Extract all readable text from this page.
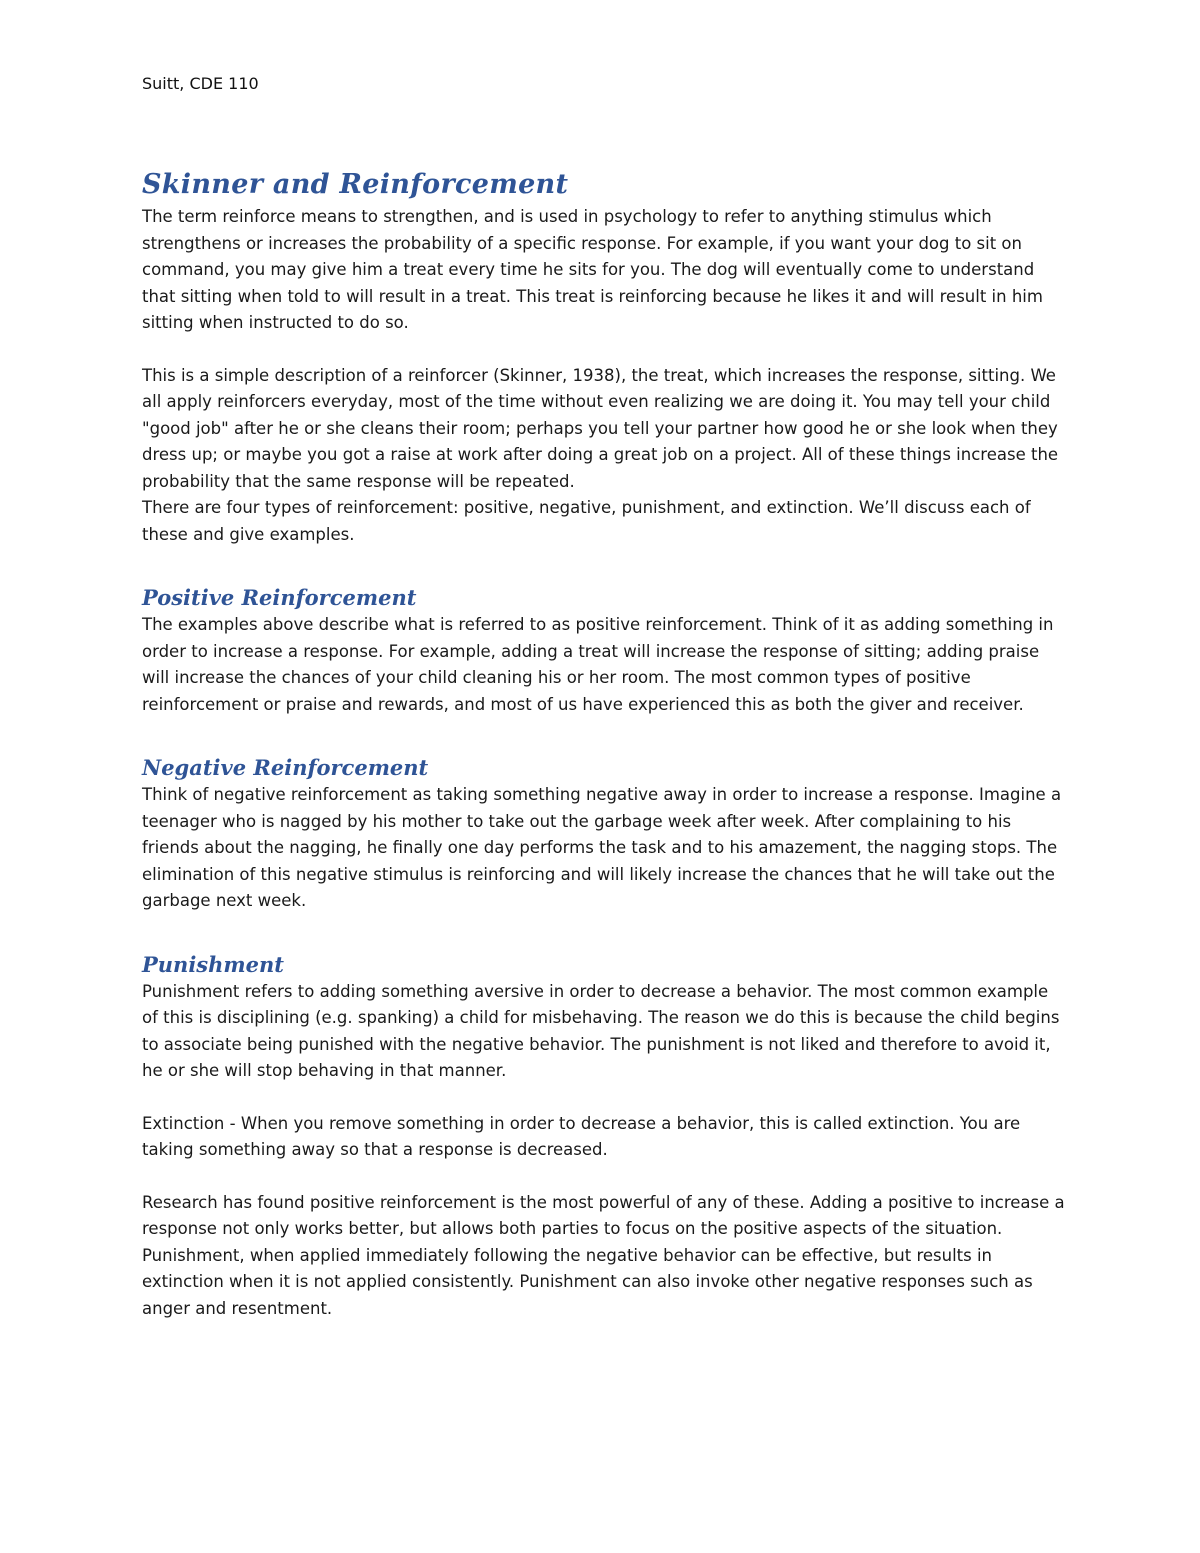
Suitt, CDE 110
Skinner and Reinforcement

The term reinforce means to strengthen, and is used in psychology to refer to anything stimulus which strengthens or increases the probability of a specific response. For example, if you want your dog to sit on command, you may give him a treat every time he sits for you. The dog will eventually come to understand that sitting when told to will result in a treat. This treat is reinforcing because he likes it and will result in him sitting when instructed to do so.

This is a simple description of a reinforcer (Skinner, 1938), the treat, which increases the response, sitting. We all apply reinforcers everyday, most of the time without even realizing we are doing it. You may tell your child "good job" after he or she cleans their room; perhaps you tell your partner how good he or she look when they dress up; or maybe you got a raise at work after doing a great job on a project. All of these things increase the probability that the same response will be repeated.

There are four types of reinforcement: positive, negative, punishment, and extinction. We’ll discuss each of these and give examples.

Positive Reinforcement

The examples above describe what is referred to as positive reinforcement. Think of it as adding something in order to increase a response. For example, adding a treat will increase the response of sitting; adding praise will increase the chances of your child cleaning his or her room. The most common types of positive reinforcement or praise and rewards, and most of us have experienced this as both the giver and receiver.

Negative Reinforcement

Think of negative reinforcement as taking something negative away in order to increase a response. Imagine a teenager who is nagged by his mother to take out the garbage week after week. After complaining to his friends about the nagging, he finally one day performs the task and to his amazement, the nagging stops. The elimination of this negative stimulus is reinforcing and will likely increase the chances that he will take out the garbage next week.

Punishment

Punishment refers to adding something aversive in order to decrease a behavior. The most common example of this is disciplining (e.g. spanking) a child for misbehaving. The reason we do this is because the child begins to associate being punished with the negative behavior. The punishment is not liked and therefore to avoid it, he or she will stop behaving in that manner.

Extinction - When you remove something in order to decrease a behavior, this is called extinction. You are taking something away so that a response is decreased.

Research has found positive reinforcement is the most powerful of any of these. Adding a positive to increase a response not only works better, but allows both parties to focus on the positive aspects of the situation. Punishment, when applied immediately following the negative behavior can be effective, but results in extinction when it is not applied consistently. Punishment can also invoke other negative responses such as anger and resentment.
